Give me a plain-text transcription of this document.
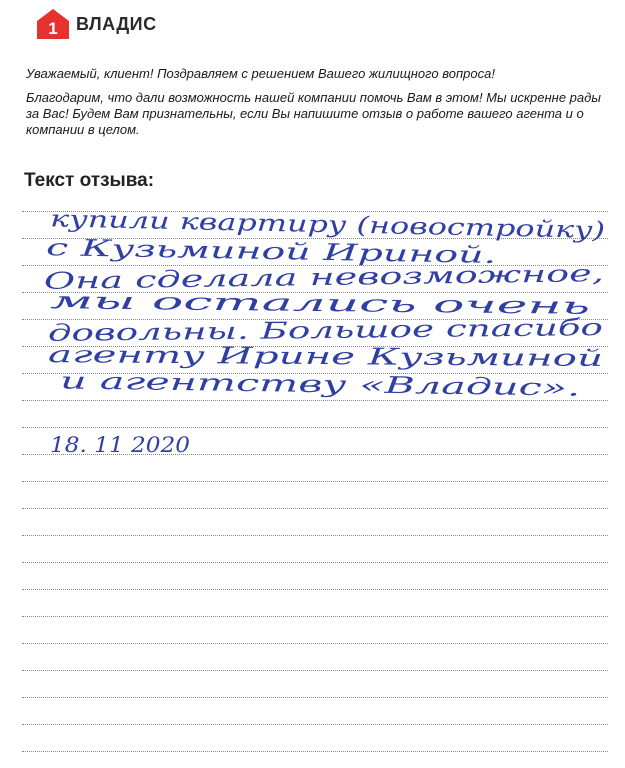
1 ВЛАДИС

Уважаемый, клиент! Поздравляем с решением Вашего жилищного вопроса!

Благодарим, что дали возможность нашей компании помочь Вам в этом! Мы искренне рады за Вас! Будем Вам признательны, если Вы напишите отзыв о работе вашего агента и о компании в целом.

Текст отзыва:
купили квартиру (новостройку)
с Кузьминой Ириной.
Она сделала невозможное,
мы остались очень
довольны. Большое спасибо
агенту Ирине Кузьминой
и агентству «Владис».
18. 11 2020
